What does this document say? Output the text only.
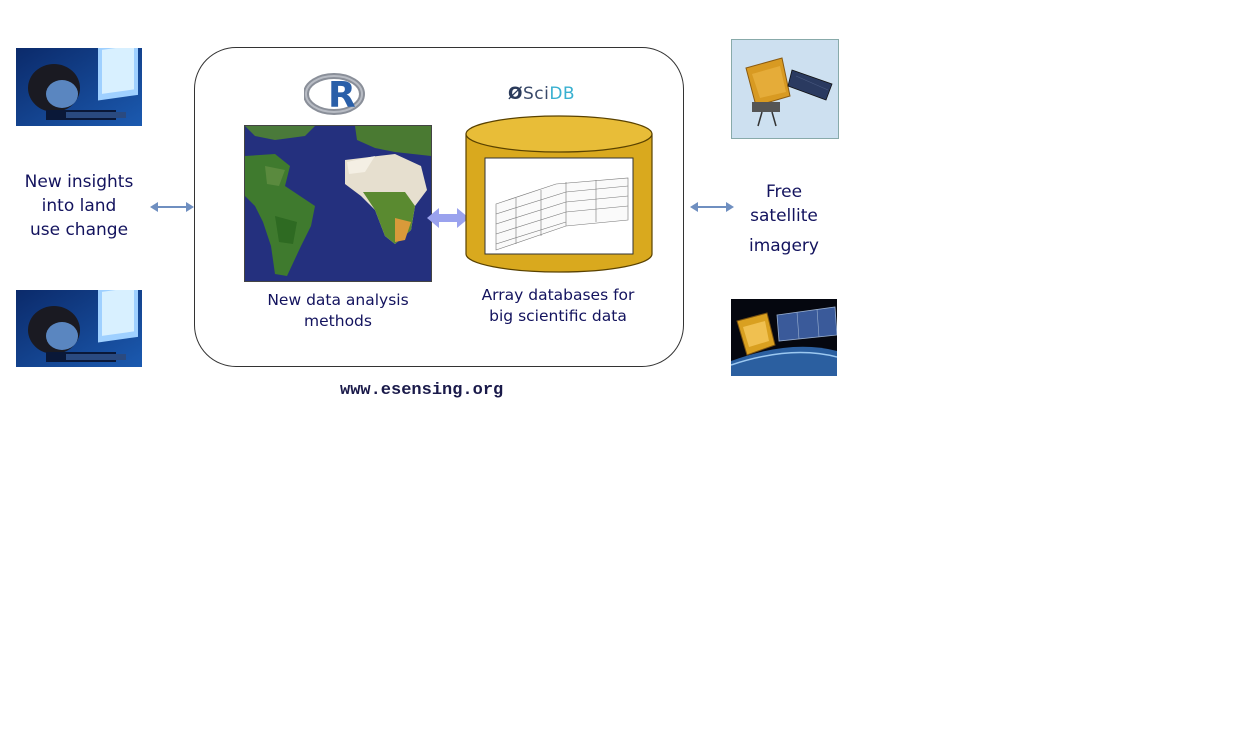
New insights
into land
use change
R	ØSciDB
New data analysis
methods
Array databases for
big scientific data
www.esensing.org
Free
satellite
imagery
